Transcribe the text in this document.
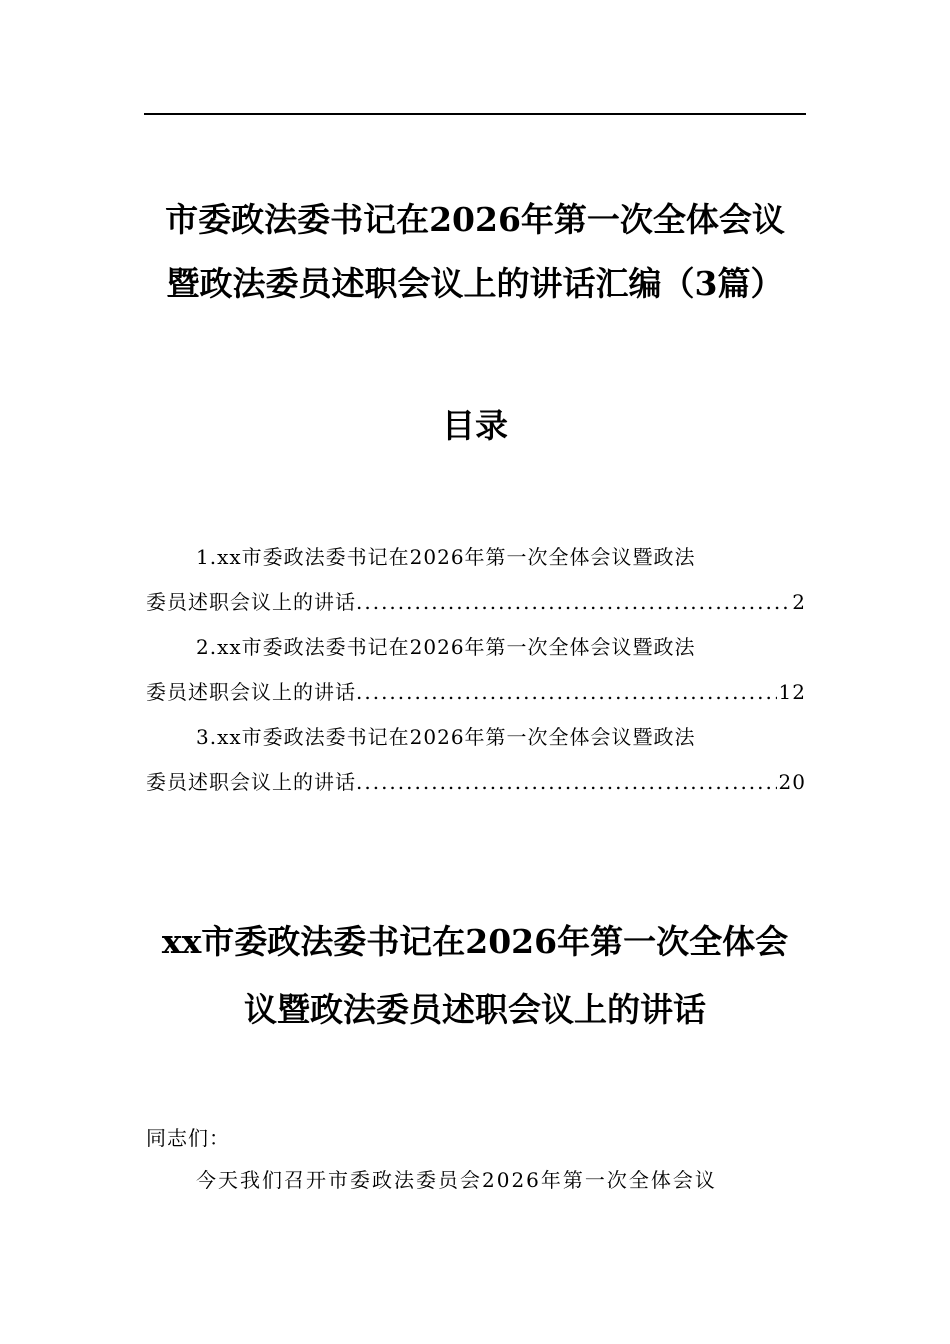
市委政法委书记在2026年第一次全体会议
暨政法委员述职会议上的讲话汇编（3篇）
目录
1.xx市委政法委书记在2026年第一次全体会议暨政法
委员述职会议上的讲话 .....	2
2.xx市委政法委书记在2026年第一次全体会议暨政法
委员述职会议上的讲话 .....	12
3.xx市委政法委书记在2026年第一次全体会议暨政法
委员述职会议上的讲话 .....	20
xx市委政法委书记在2026年第一次全体会
议暨政法委员述职会议上的讲话
同志们：
今天我们召开市委政法委员会2026年第一次全体会议
